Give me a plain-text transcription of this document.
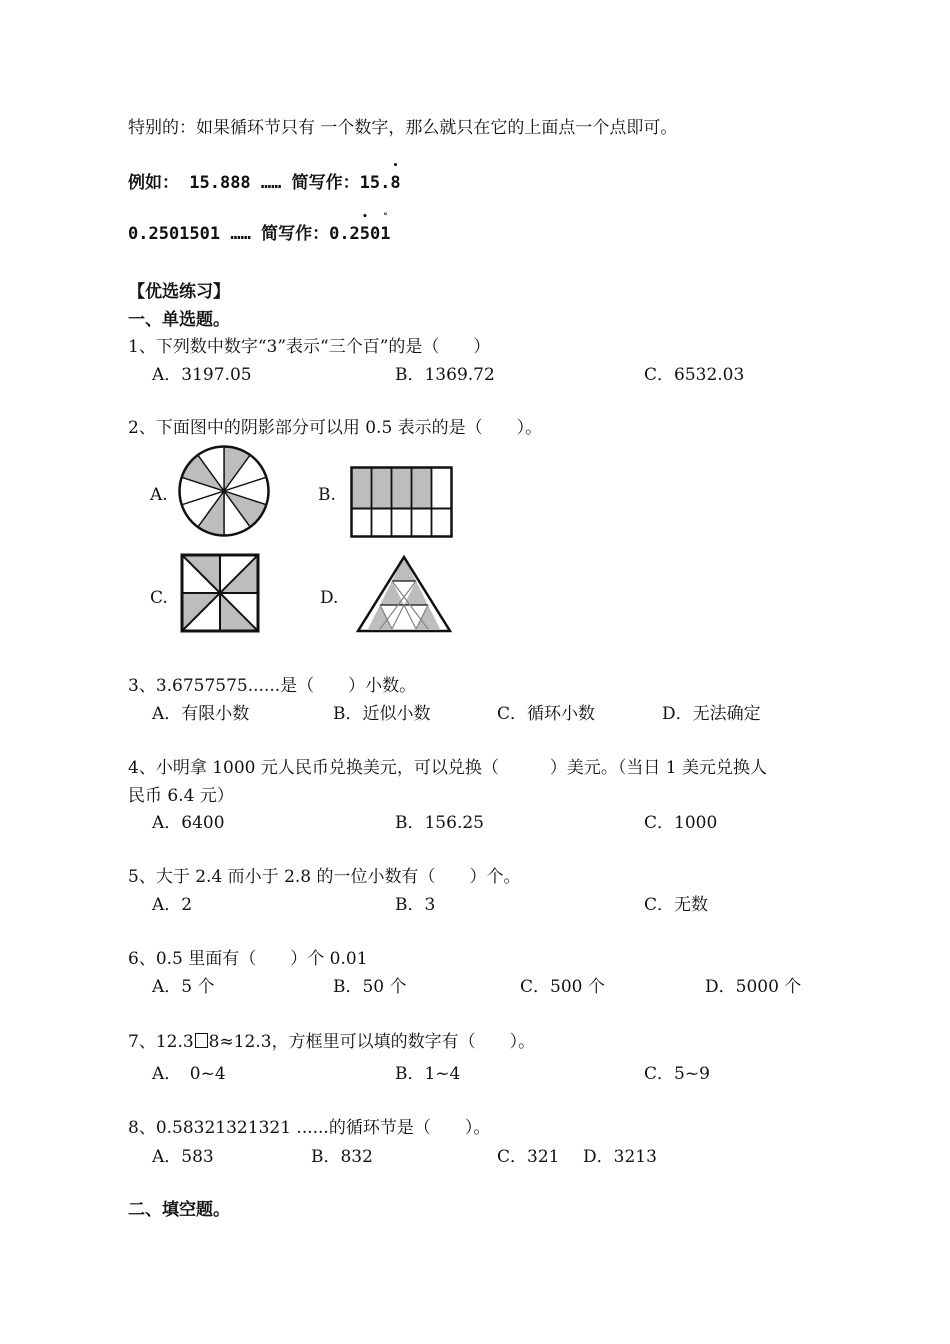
特别的：如果循环节只有 一个数字，那么就只在它的上面点一个点即可。
例如： 15.888 …… 简写作：15.
•
8
0.2501501 …… 简写作：0.2
•
50
°
1
【优选练习】
一、单选题。
1、下列数中数字“3”表示“三个百”的是（　　）
A．3197.05	B．1369.72	C．6532.03
2、下面图中的阴影部分可以用 0.5 表示的是（　　）。
A.	B.
C.	D.
3、3.6757575......是（　　）小数。
A．有限小数	B．近似小数	C．循环小数	D．无法确定
4、小明拿 1000 元人民币兑换美元，可以兑换（　　　）美元。（当日 1 美元兑换人
民币 6.4 元）
A．6400	B．156.25	C．1000
5、大于 2.4 而小于 2.8 的一位小数有（　　）个。
A．2	B．3	C．无数
6、0.5 里面有（　　）个 0.01
A．5 个	B．50 个	C．500 个	D．5000 个
7、12.3 8≈12.3，方框里可以填的数字有（　　）。
A．　0~4	B．1~4	C．5~9
8、0.58321321321 ......的循环节是（　　）。
A．583	B．832	C．321 D．3213
二、填空题。
